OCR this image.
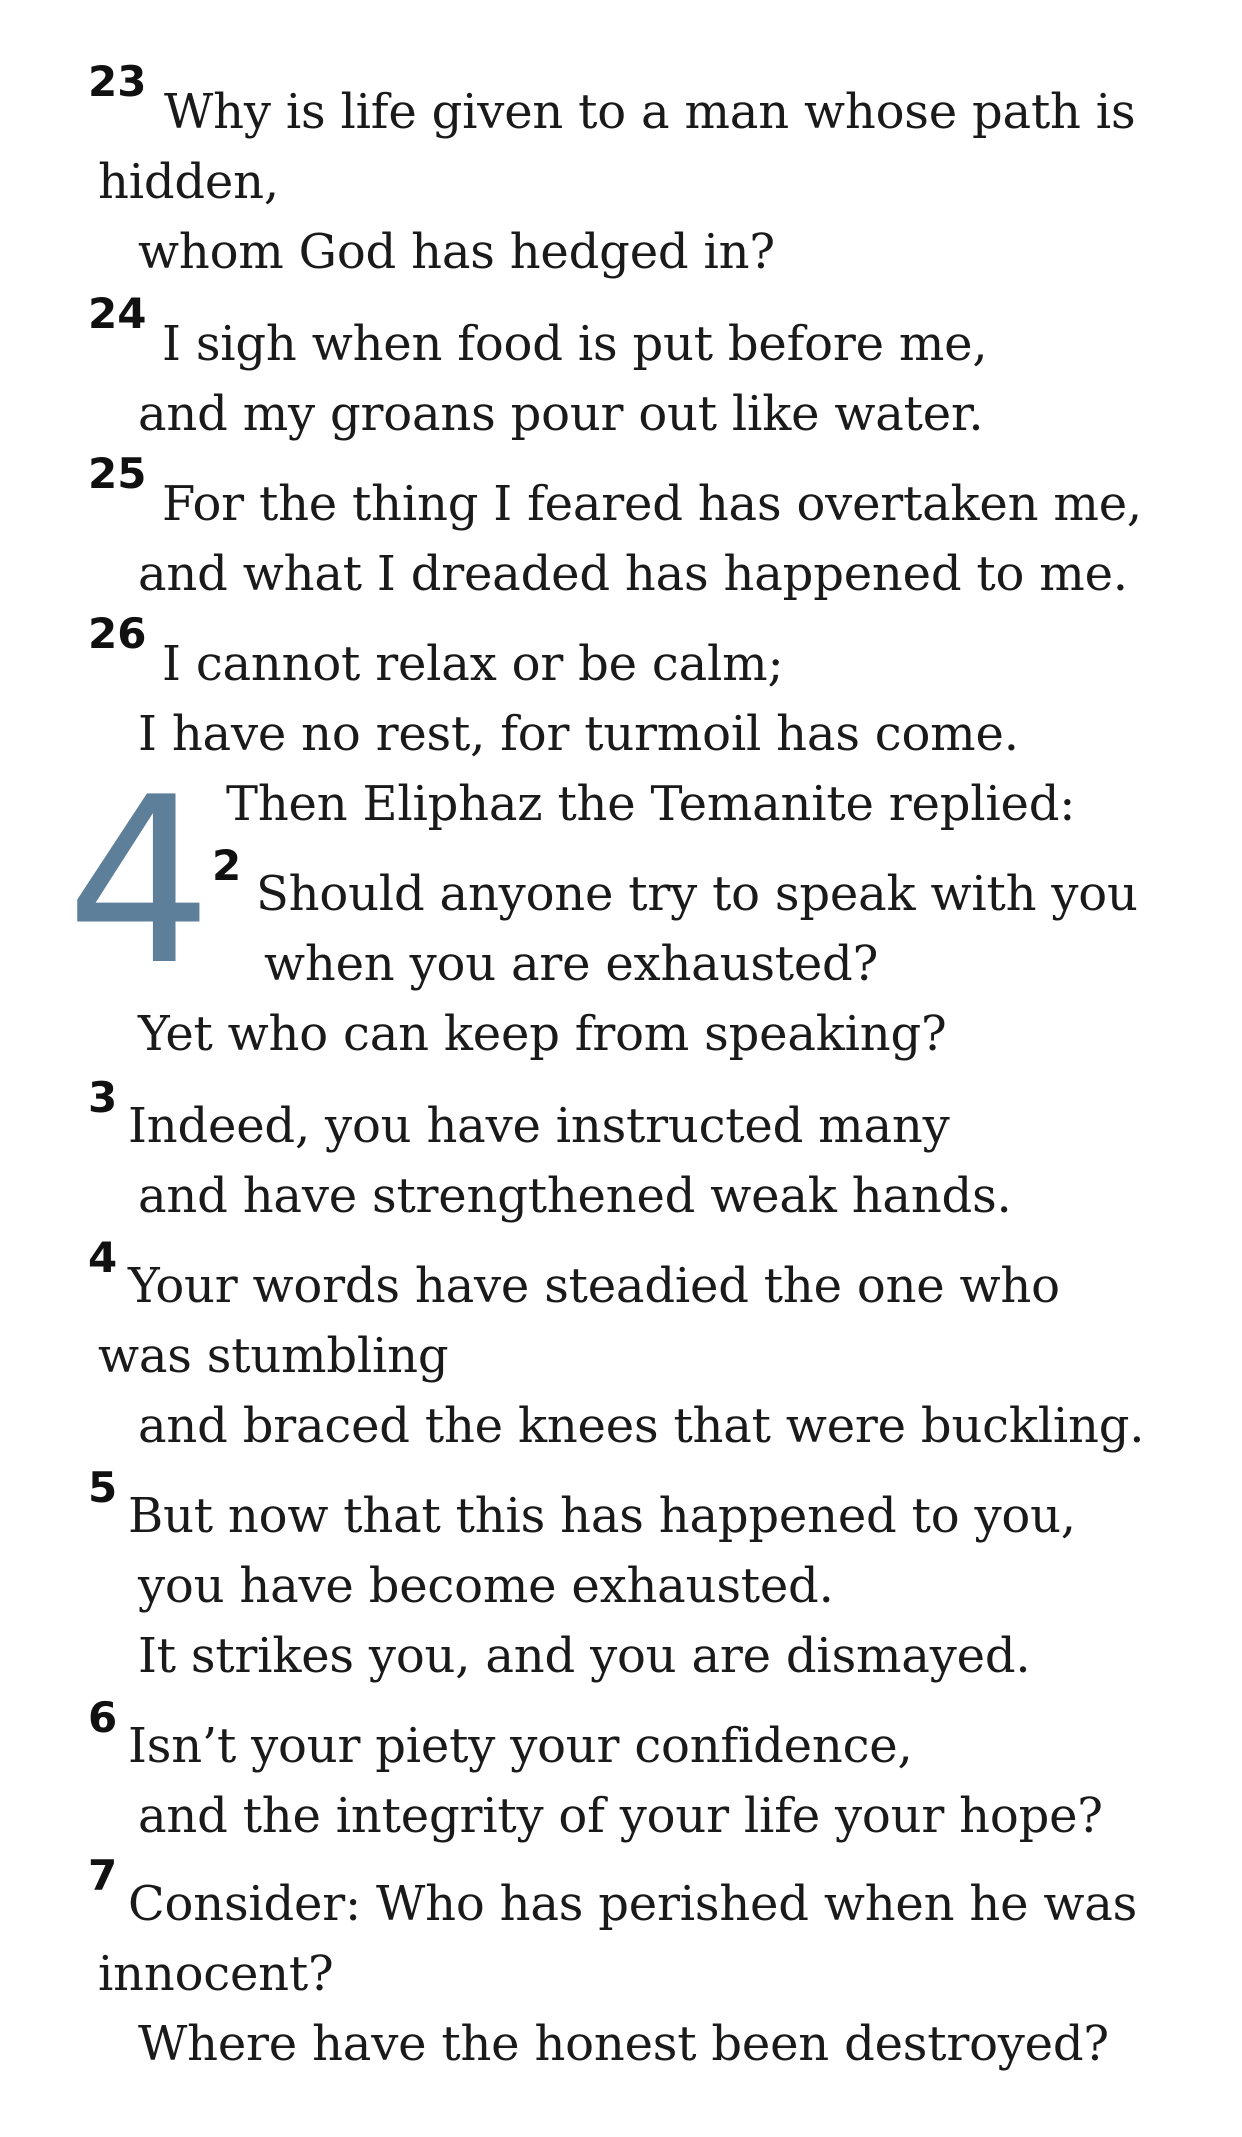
23
Why is life given to a man whose path is
hidden,
whom God has hedged in?
24
I sigh when food is put before me,
and my groans pour out like water.
25
For the thing I feared has overtaken me,
and what I dreaded has happened to me.
26
I cannot relax or be calm;
I have no rest, for turmoil has come.
4 Then Eliphaz the Temanite replied:
2
Should anyone try to speak with you
when you are exhausted?
Yet who can keep from speaking?
3
Indeed, you have instructed many
and have strengthened weak hands.
4
Your words have steadied the one who
was stumbling
and braced the knees that were buckling.
5
But now that this has happened to you,
you have become exhausted.
It strikes you, and you are dismayed.
6
Isn’t your piety your confidence,
and the integrity of your life your hope?
7
Consider: Who has perished when he was
innocent?
Where have the honest been destroyed?
